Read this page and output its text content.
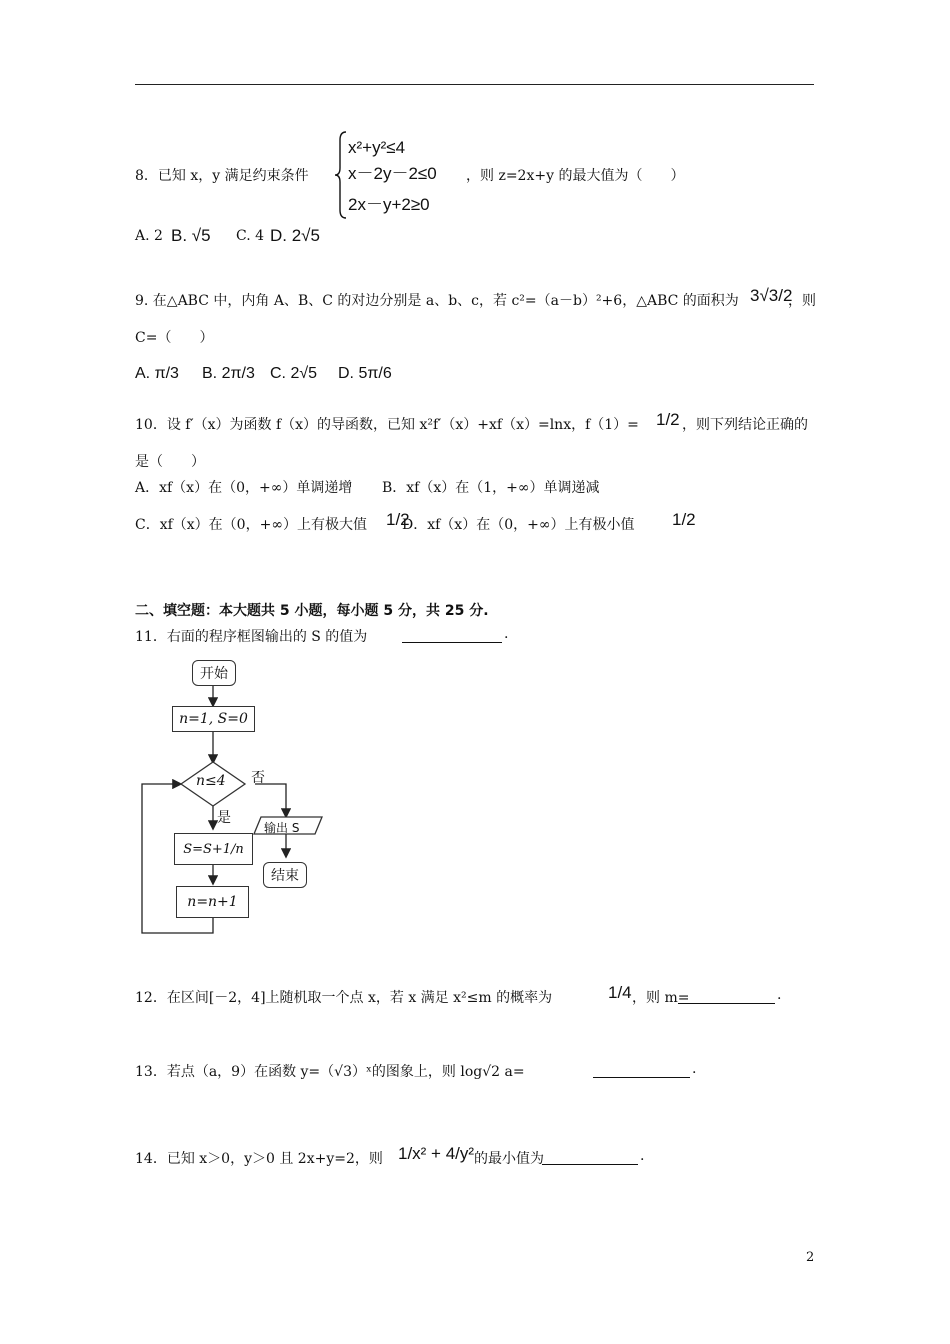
8．已知 x，y 满足约束条件
x²+y²≤4
x－2y－2≤0
2x－y+2≥0
，则 z=2x+y 的最大值为（　　）
A. 2 B. √5 C. 4 D. 2√5
9. 在△ABC 中，内角 A、B、C 的对边分别是 a、b、c，若 c²=（a－b）²+6，△ABC 的面积为 3√3/2
，则
C=（　　）
A. π/3 B. 2π/3 C. 2√5 D. 5π/6
10．设 f′（x）为函数 f（x）的导函数，已知 x²f′（x）+xf（x）=lnx，f（1）= 1/2 ，则下列结论正确的
是（　　）
A．xf（x）在（0，+∞）单调递增 B．xf（x）在（1，+∞）单调递减
C．xf（x）在（0，+∞）上有极大值 1/2
D．xf（x）在（0，+∞）上有极小值 1/2
二、填空题：本大题共 5 小题，每小题 5 分，共 25 分.
11．右面的程序框图输出的 S 的值为	.
开始
n=1, S=0
n≤4 否
是
S=S+1/n
输出 S
结束
n=n+1
12．在区间[－2，4]上随机取一个点 x，若 x 满足 x²≤m 的概率为	1/4 ，则 m=	.
13．若点（a，9）在函数 y=（√3）ˣ的图象上，则 log√2 a=	.
14．已知 x＞0，y＞0 且 2x+y=2，则 1/x² + 4/y² 的最小值为	.
2
